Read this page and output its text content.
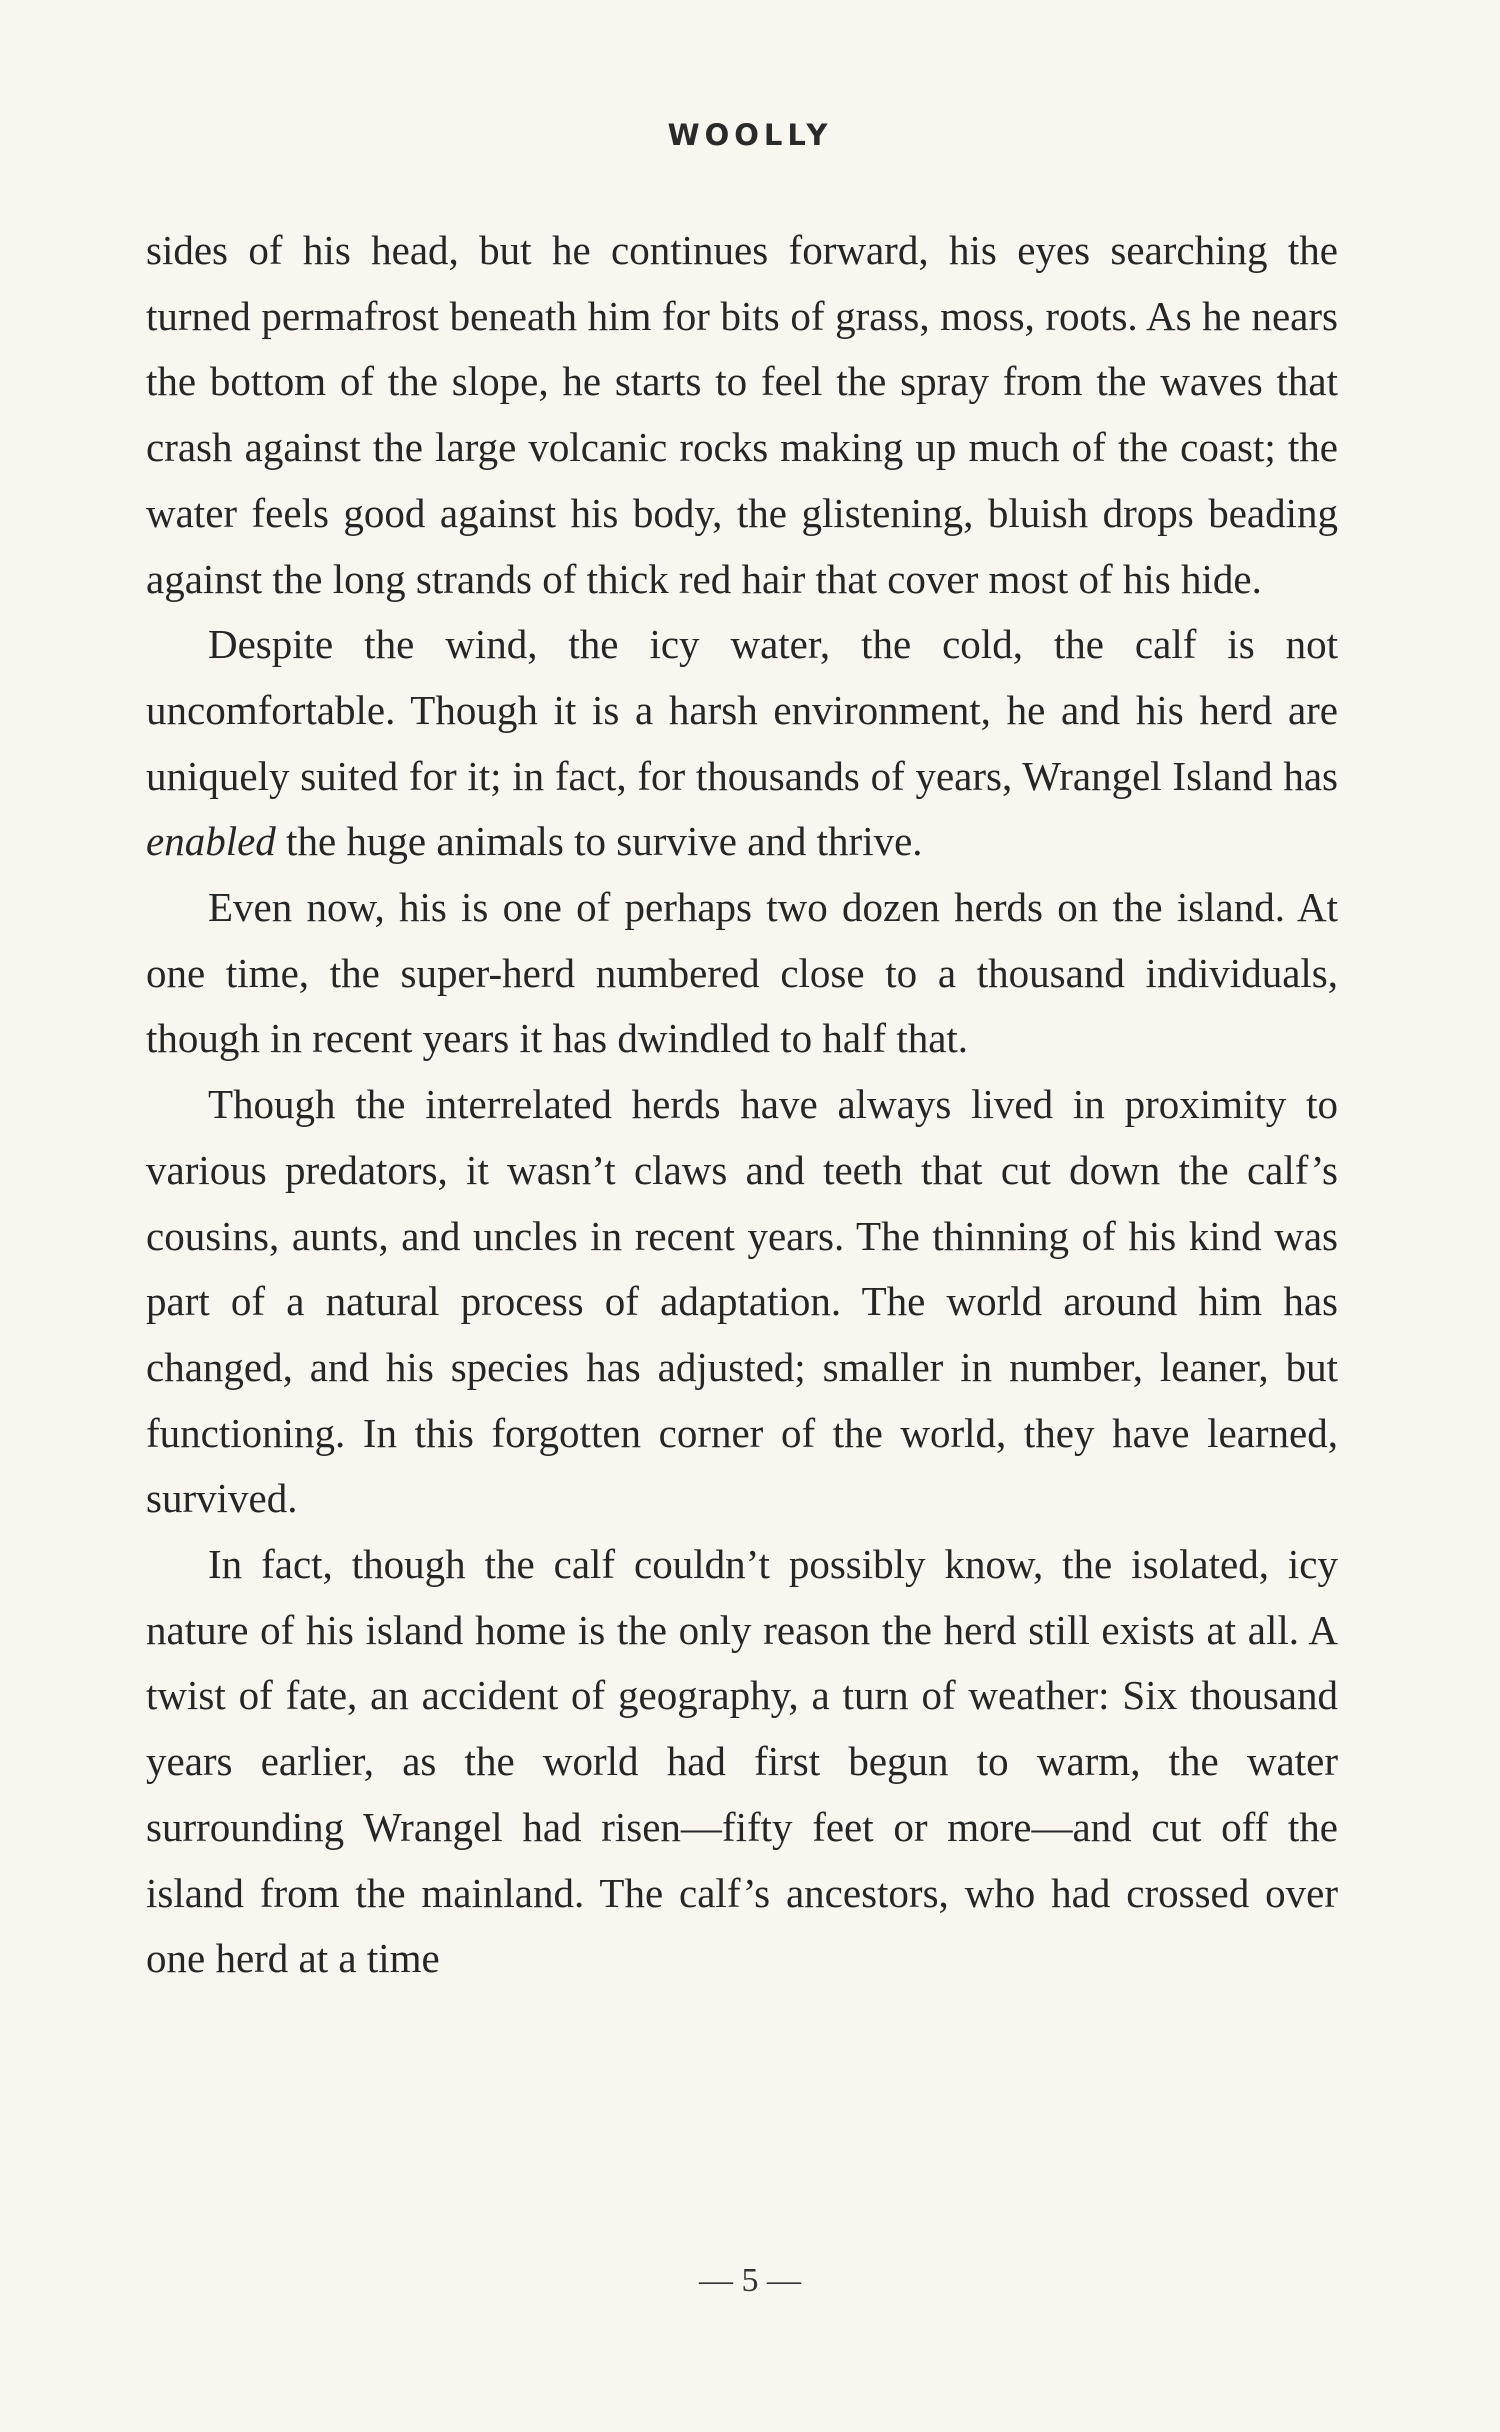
WOOLLY

sides of his head, but he continues forward, his eyes searching the turned permafrost beneath him for bits of grass, moss, roots. As he nears the bottom of the slope, he starts to feel the spray from the waves that crash against the large volcanic rocks making up much of the coast; the water feels good against his body, the glistening, bluish drops beading against the long strands of thick red hair that cover most of his hide.

Despite the wind, the icy water, the cold, the calf is not uncomfortable. Though it is a harsh environment, he and his herd are uniquely suited for it; in fact, for thousands of years, Wrangel Island has enabled the huge animals to survive and thrive.

Even now, his is one of perhaps two dozen herds on the island. At one time, the super-herd numbered close to a thousand individuals, though in recent years it has dwindled to half that.

Though the interrelated herds have always lived in proximity to various predators, it wasn’t claws and teeth that cut down the calf’s cousins, aunts, and uncles in recent years. The thinning of his kind was part of a natural process of adaptation. The world around him has changed, and his species has adjusted; smaller in number, leaner, but functioning. In this forgotten corner of the world, they have learned, survived.

In fact, though the calf couldn’t possibly know, the isolated, icy nature of his island home is the only reason the herd still exists at all. A twist of fate, an accident of geography, a turn of weather: Six thousand years earlier, as the world had first begun to warm, the water surrounding Wrangel had risen—fifty feet or more—and cut off the island from the mainland. The calf’s ancestors, who had crossed over one herd at a time

— 5 —
